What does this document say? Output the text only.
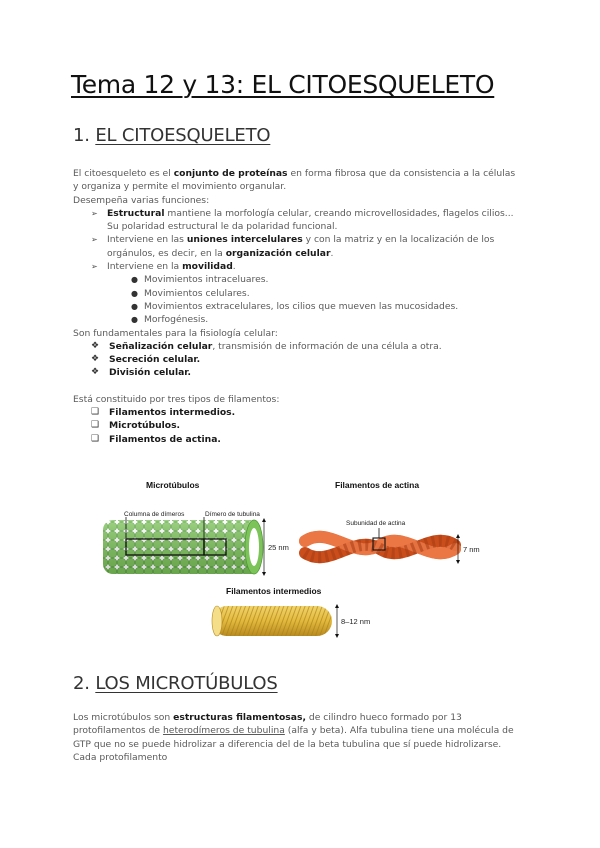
Tema 12 y 13: EL CITOESQUELETO
1. EL CITOESQUELETO

El citoesqueleto es el conjunto de proteínas en forma fibrosa que da consistencia a la células y organiza y permite el movimiento organular.

Desempeña varias funciones:

➢ Estructural mantiene la morfología celular, creando microvellosidades, flagelos cilios... Su polaridad estructural le da polaridad funcional.
➢ Interviene en las uniones intercelulares y con la matriz y en la localización de los orgánulos, es decir, en la organización celular.
➢ Interviene en la movilidad.
● Movimientos intraceluares.
● Movimientos celulares.
● Movimientos extracelulares, los cilios que mueven las mucosidades.
● Morfogénesis.

Son fundamentales para la fisiología celular:

❖ Señalización celular, transmisión de información de una célula a otra.
❖ Secreción celular.
❖ División celular.

Está constituido por tres tipos de filamentos:

❑ Filamentos intermedios.
❑ Microtúbulos.
❑ Filamentos de actina.
Microtúbulos
Columna de dímeros	Dímero de tubulina
25 nm
Filamentos de actina
Subunidad de actina
7 nm
Filamentos intermedios
8–12 nm
2. LOS MICROTÚBULOS

Los microtúbulos son estructuras filamentosas, de cilindro hueco formado por 13 protofilamentos de heterodímeros de tubulina (alfa y beta). Alfa tubulina tiene una molécula de GTP que no se puede hidrolizar a diferencia del de la beta tubulina que sí puede hidrolizarse. Cada protofilamento
